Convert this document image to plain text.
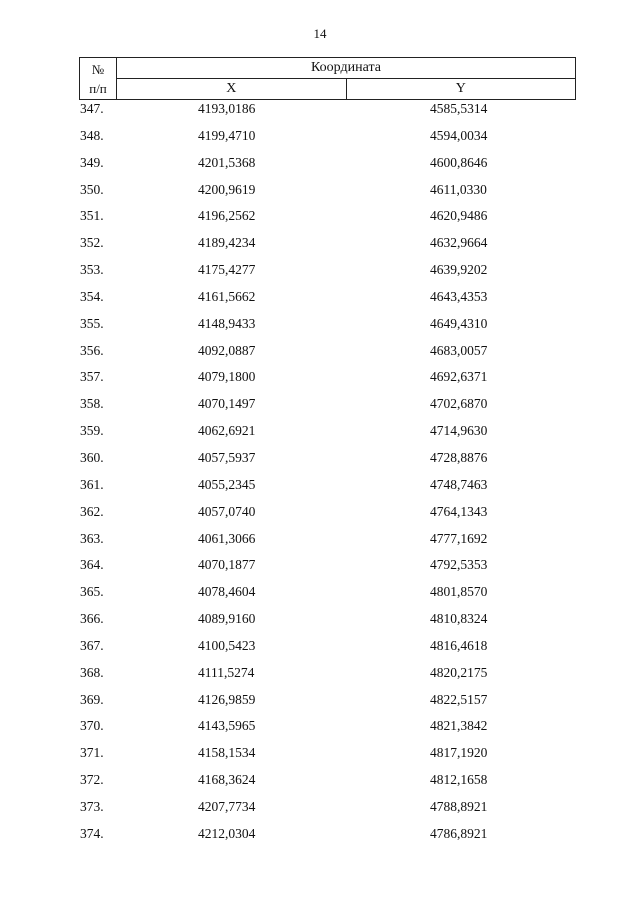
14
№
п/п	Координата	
	X	Y
347.	4193,0186	4585,5314
348.	4199,4710	4594,0034
349.	4201,5368	4600,8646
350.	4200,9619	4611,0330
351.	4196,2562	4620,9486
352.	4189,4234	4632,9664
353.	4175,4277	4639,9202
354.	4161,5662	4643,4353
355.	4148,9433	4649,4310
356.	4092,0887	4683,0057
357.	4079,1800	4692,6371
358.	4070,1497	4702,6870
359.	4062,6921	4714,9630
360.	4057,5937	4728,8876
361.	4055,2345	4748,7463
362.	4057,0740	4764,1343
363.	4061,3066	4777,1692
364.	4070,1877	4792,5353
365.	4078,4604	4801,8570
366.	4089,9160	4810,8324
367.	4100,5423	4816,4618
368.	4111,5274	4820,2175
369.	4126,9859	4822,5157
370.	4143,5965	4821,3842
371.	4158,1534	4817,1920
372.	4168,3624	4812,1658
373.	4207,7734	4788,8921
374.	4212,0304	4786,8921
